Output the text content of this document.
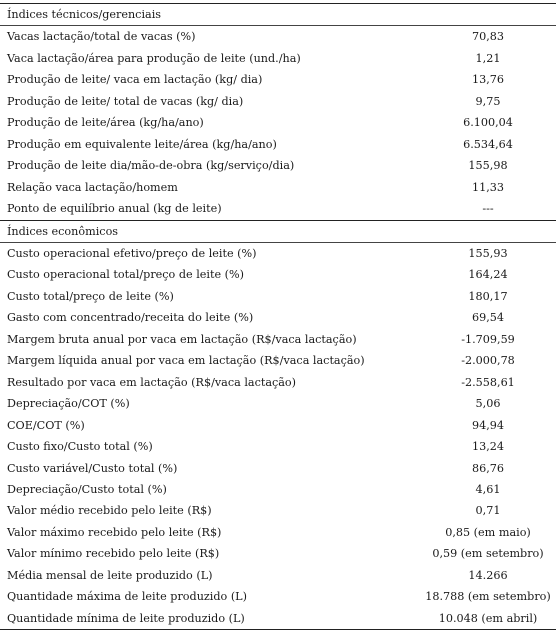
Índices técnicos/gerenciais	
Vacas lactação/total de vacas (%)	70,83
Vaca lactação/área para produção de leite (und./ha)	1,21
Produção de leite/ vaca em lactação (kg/ dia)	13,76
Produção de leite/ total de vacas (kg/ dia)	9,75
Produção de leite/área (kg/ha/ano)	6.100,04
Produção em equivalente leite/área (kg/ha/ano)	6.534,64
Produção de leite dia/mão-de-obra (kg/serviço/dia)	155,98
Relação vaca lactação/homem	11,33
Ponto de equilíbrio anual (kg de leite)	---
Índices econômicos	
Custo operacional efetivo/preço de leite (%)	155,93
Custo operacional total/preço de leite (%)	164,24
Custo total/preço de leite (%)	180,17
Gasto com concentrado/receita do leite (%)	69,54
Margem bruta anual por vaca em lactação (R$/vaca lactação)	-1.709,59
Margem líquida anual por vaca em lactação (R$/vaca lactação)	-2.000,78
Resultado por vaca em lactação (R$/vaca lactação)	-2.558,61
Depreciação/COT (%)	5,06
COE/COT (%)	94,94
Custo fixo/Custo total (%)	13,24
Custo variável/Custo total (%)	86,76
Depreciação/Custo total (%)	4,61
Valor médio recebido pelo leite (R$)	0,71
Valor máximo recebido pelo leite (R$)	0,85 (em maio)
Valor mínimo recebido pelo leite (R$)	0,59 (em setembro)
Média mensal de leite produzido (L)	14.266
Quantidade máxima de leite produzido (L)	18.788 (em setembro)
Quantidade mínima de leite produzido (L)	10.048 (em abril)
